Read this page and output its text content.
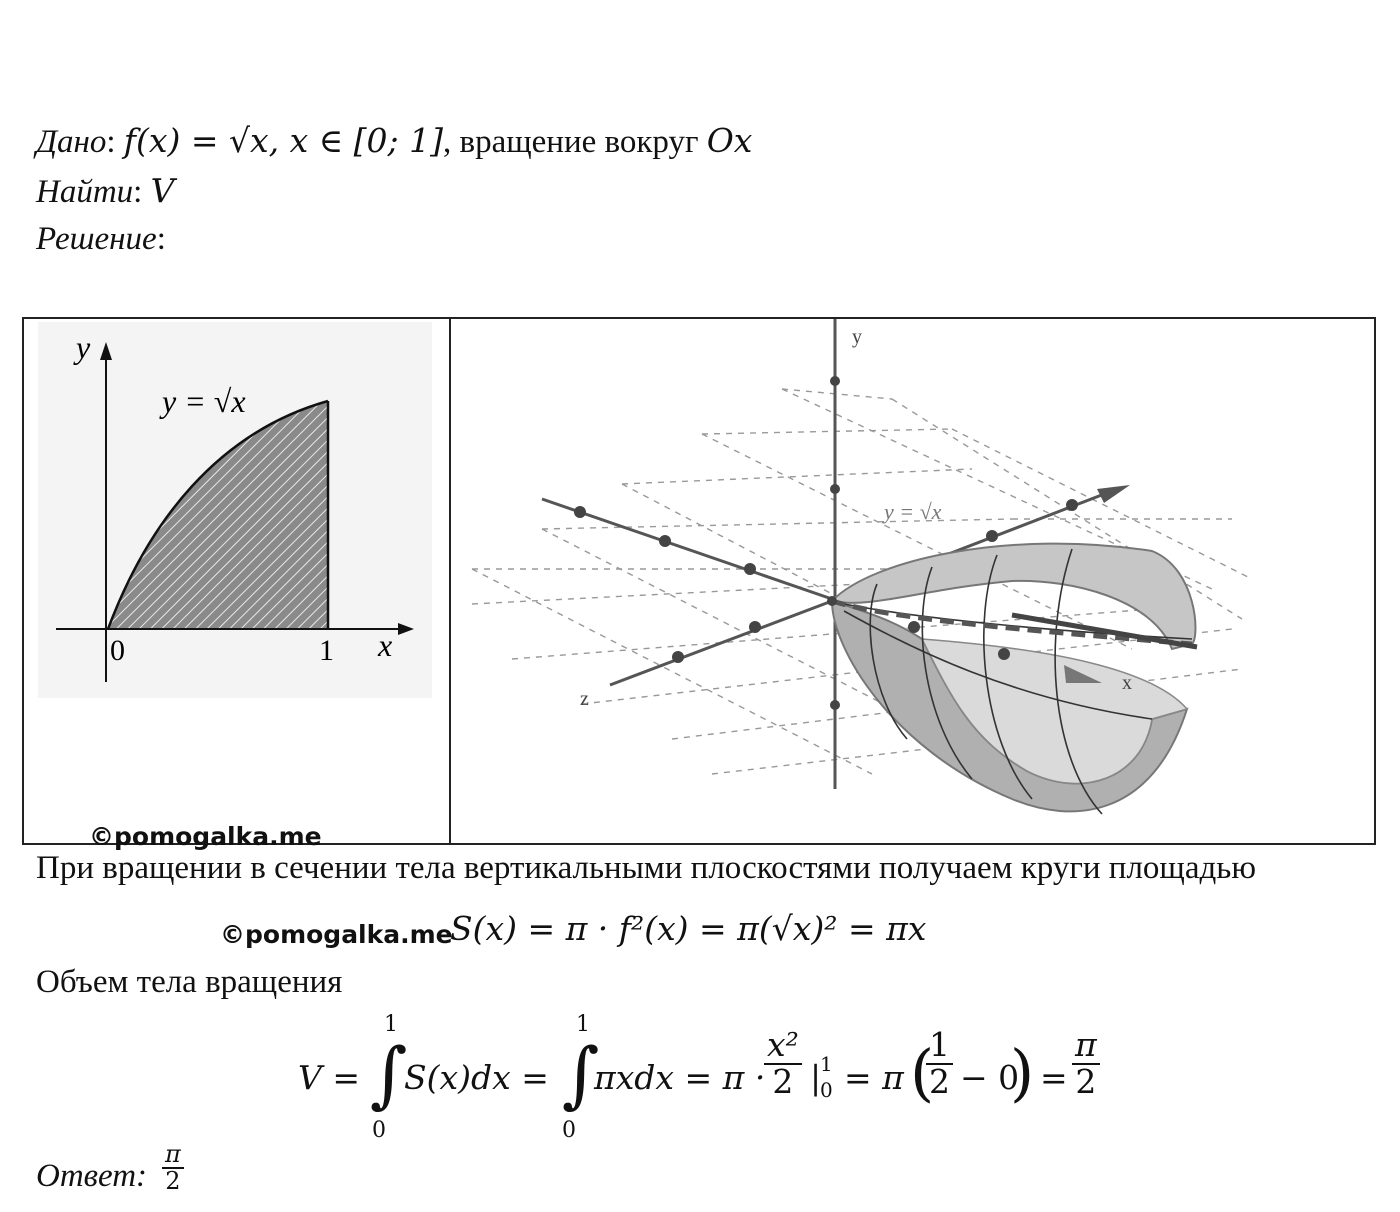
Дано: f(x) = √x, x ∈ [0; 1], вращение вокруг Ox
Найти: V
Решение:
y
x
y = √x
0	1
y
x
z
y = √x
©pomogalka.me
При вращении в сечении тела вертикальными плоскостями получаем круги площадью
©pomogalka.me
S(x) = π · f²(x) = π(√x)² = πx
Объем тела вращения
V = ∫
1
0
S(x)dx = ∫
1
0
πxdx = π ·
$\frac{\text{x²}}{2}$ |
1
0 = π (
$\frac{1}{2} - 0$
) = $\frac{\pi}{2}$
Ответ: $\frac{\pi}{2}$
